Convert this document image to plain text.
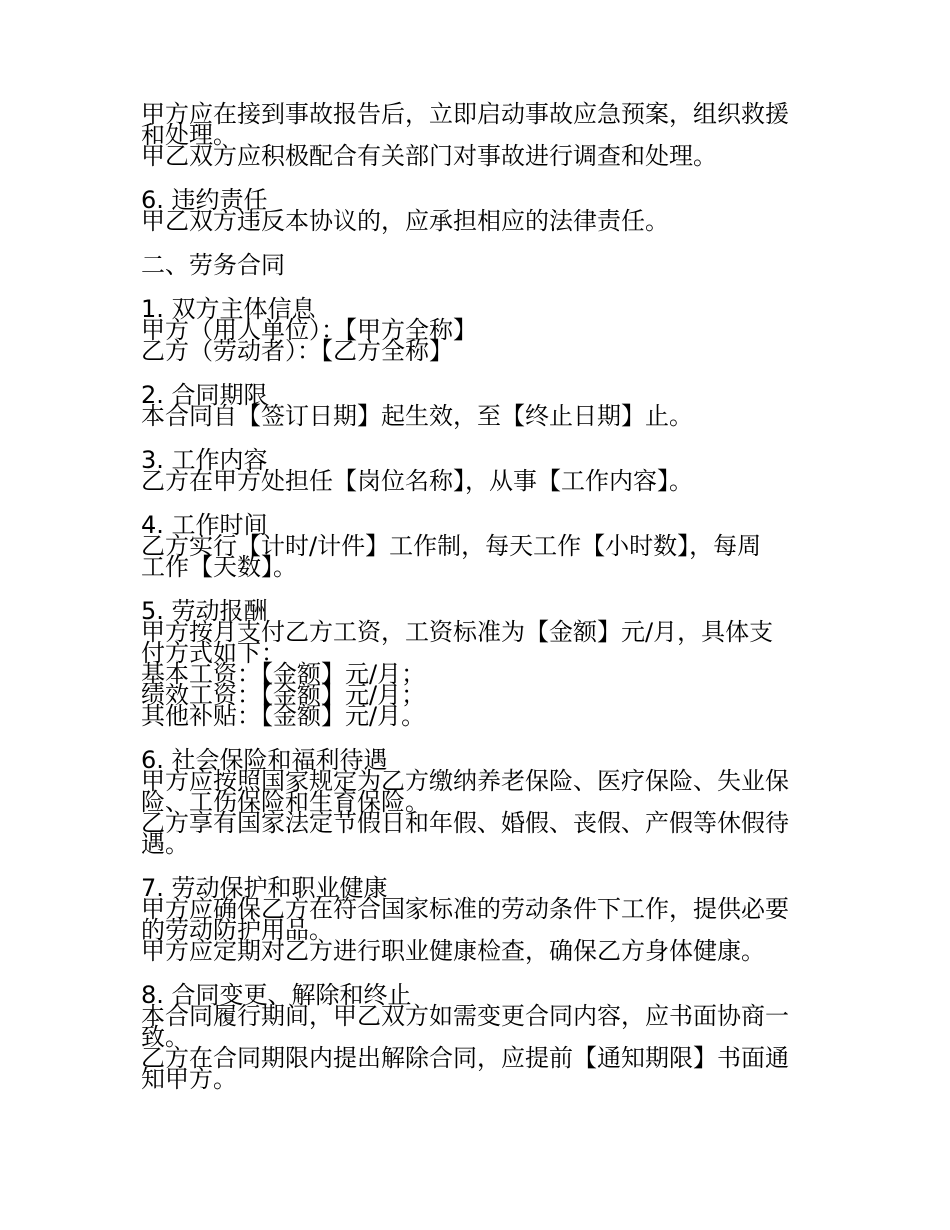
甲方应在接到事故报告后，立即启动事故应急预案，组织救援
和处理。
甲乙双方应积极配合有关部门对事故进行调查和处理。
6. 违约责任
甲乙双方违反本协议的，应承担相应的法律责任。
二、劳务合同
1. 双方主体信息
甲方（用人单位）：【甲方全称】
乙方（劳动者）：【乙方全称】
2. 合同期限
本合同自【签订日期】起生效，至【终止日期】止。
3. 工作内容
乙方在甲方处担任【岗位名称】，从事【工作内容】。
4. 工作时间
乙方实行【计时/计件】工作制，每天工作【小时数】，每周
工作【天数】。
5. 劳动报酬
甲方按月支付乙方工资，工资标准为【金额】元/月，具体支
付方式如下：
基本工资：【金额】元/月；
绩效工资：【金额】元/月；
其他补贴：【金额】元/月。
6. 社会保险和福利待遇
甲方应按照国家规定为乙方缴纳养老保险、医疗保险、失业保
险、工伤保险和生育保险。
乙方享有国家法定节假日和年假、婚假、丧假、产假等休假待
遇。
7. 劳动保护和职业健康
甲方应确保乙方在符合国家标准的劳动条件下工作，提供必要
的劳动防护用品。
甲方应定期对乙方进行职业健康检查，确保乙方身体健康。
8. 合同变更、解除和终止
本合同履行期间，甲乙双方如需变更合同内容，应书面协商一
致。
乙方在合同期限内提出解除合同，应提前【通知期限】书面通
知甲方。
